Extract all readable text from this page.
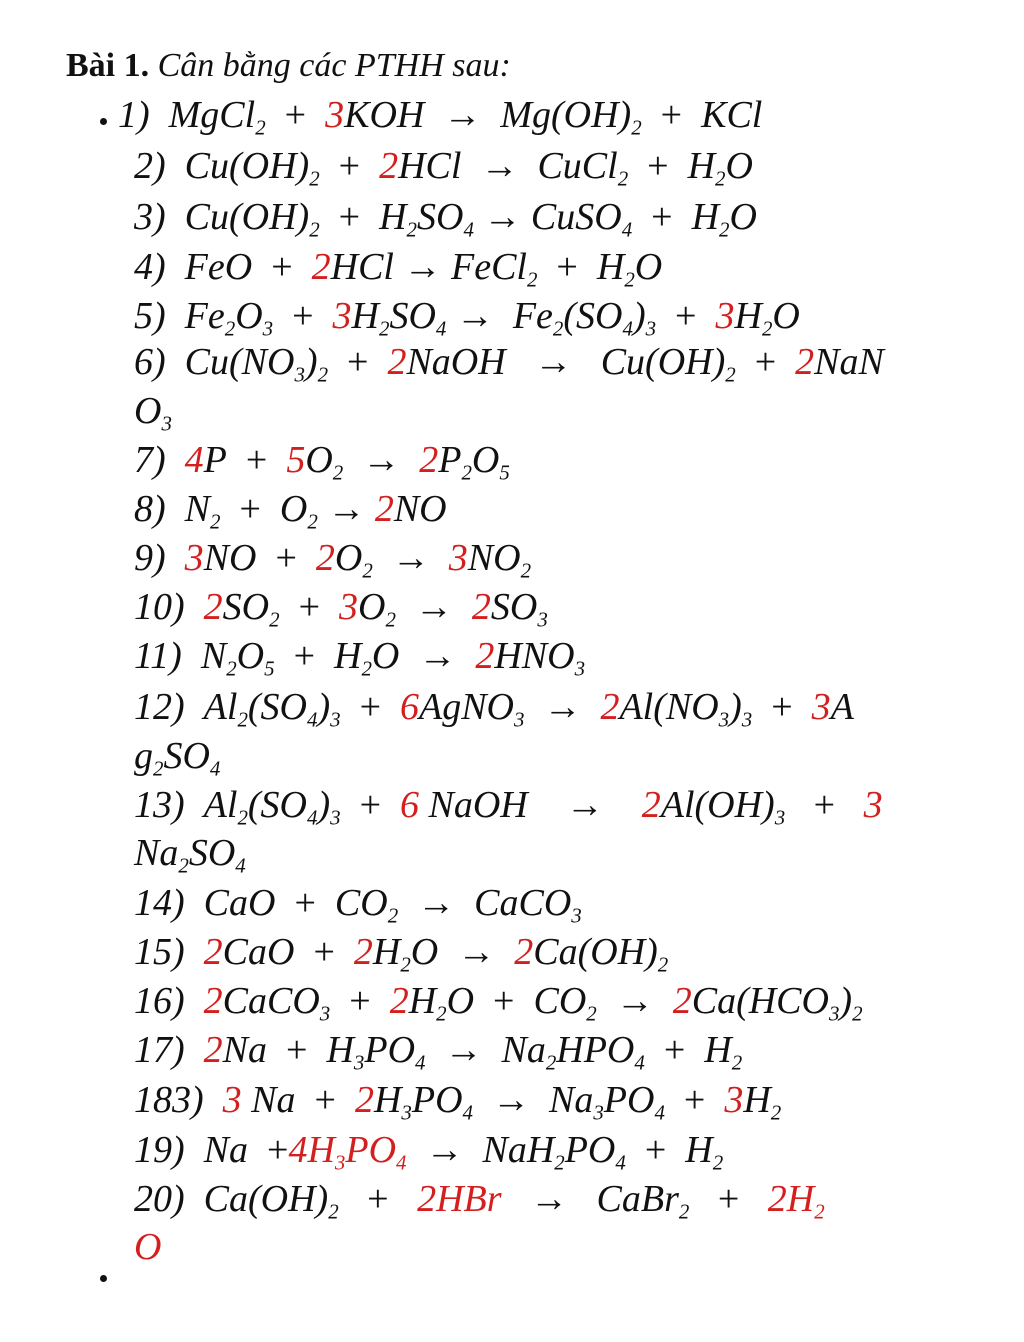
Bài 1. Cân bằng các PTHH sau:
1)  MgCl$_2$  +  $3KOH \to Mg(OH)_2$  +  KCl
2)  $Cu(OH)_2 + 2HCl$  →  CuCl$_2$  +  $H_2O$
3)  $Cu(OH)_2 + H_2SO_4$ → CuSO$_4$  +  $H_2O$
4)  FeO  +  2HCl → FeCl$_2$  +  $H_2O$
5)  $Fe_2O_3 + 3H_2SO_4 \to Fe_2(SO_4)_3 + 3H_2O$
6)  $Cu(NO_3)_2$  +  2NaOH   →   $Cu(OH)_2 + 2NaN$
$O_3$
7)  $4P + 5O_2 \to 2P_2O_5$
8)  $N_2 + O_2 \to 2NO$
9)  $3NO + 2O_2 \to 3NO_2$
10)  $2SO_2 + 3O_2 \to 2SO_3$
11)  $N_2O_5 + H_2O \to 2HNO_3$
12)  $Al_2(SO_4)_3$  +  6AgNO$_3$  →  $2Al(NO_3)_3 + 3A$
$g_2SO_4$
13)  $Al_2(SO_4)_3 + 6$ NaOH    →    $2Al(OH)_3 + 3$
$Na_2SO_4$
14)  CaO  +  $CO_2$  →  CaCO$_3$
15)  $2CaO + 2H_2O \to 2Ca(OH)_2$
16)  2CaCO$_3$  +  $2H_2O + CO_2 \to 2Ca(HCO_3)_2$
17)  $2Na + H_3PO_4 \to Na_2HPO_4 + H_2$
183)  3 $Na + 2H_3PO_4 \to Na_3PO_4 + 3H_2$
19)  $Na +4H_3PO_4 \to NaH_2PO_4 + H_2$
20)  $Ca(OH)_2 + 2HBr$   →   CaBr$_2$   +   $2H_2$
O
